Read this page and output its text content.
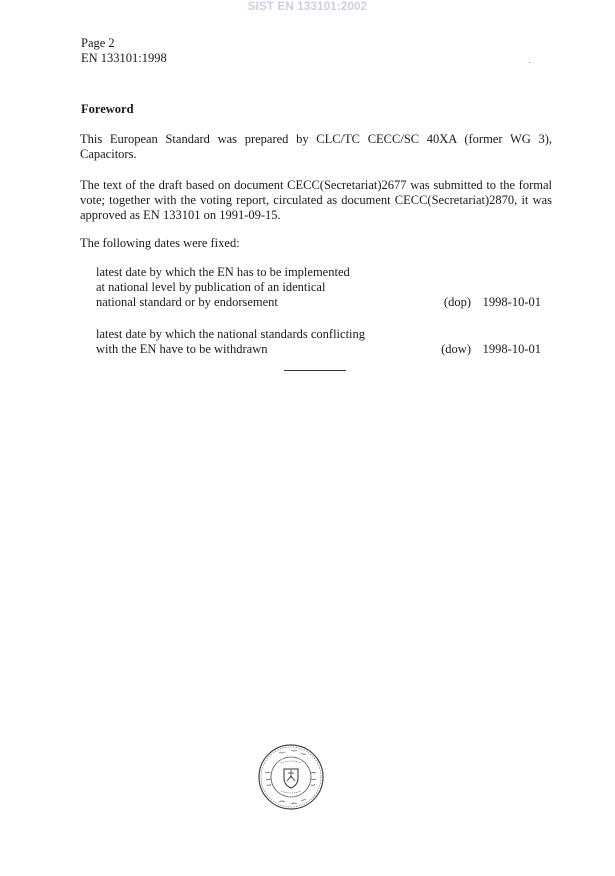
SIST EN 133101:2002
Page 2
EN 133101:1998
Foreword
This European Standard was prepared by CLC/TC CECC/SC 40XA (former WG 3), Capacitors.
The text of the draft based on document CECC(Secretariat)2677 was submitted to the formal vote; together with the voting report, circulated as document CECC(Secretariat)2870, it was approved as EN 133101 on 1991-09-15.
The following dates were fixed:
latest date by which the EN has to be implemented
at national level by publication of an identical
national standard or by endorsement	(dop) 1998-10-01
latest date by which the national standards conflicting
with the EN have to be withdrawn	(dow) 1998-10-01
